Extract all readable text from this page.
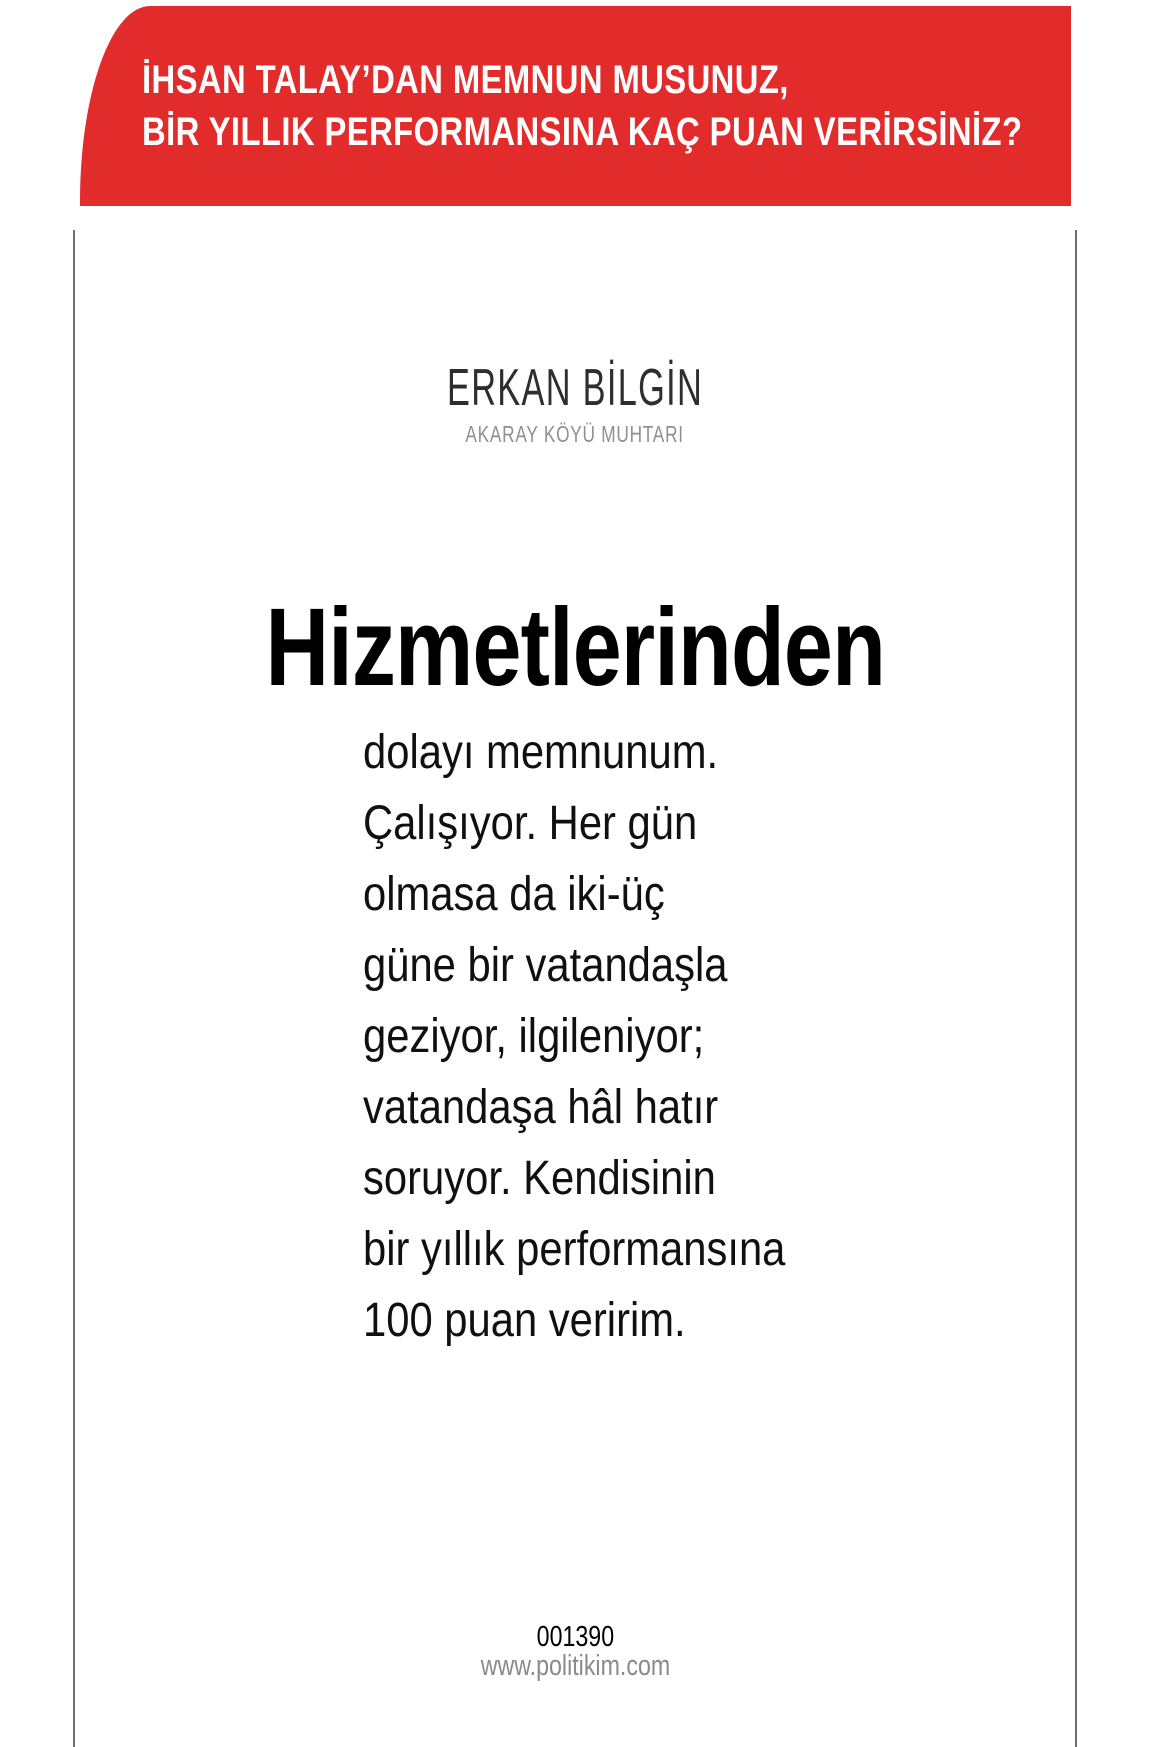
İHSAN TALAY’DAN MEMNUN MUSUNUZ,
BİR YILLIK PERFORMANSINA KAÇ PUAN VERİRSİNİZ?
ERKAN BİLGİN
AKARAY KÖYÜ MUHTARI
Hizmetlerinden
dolayı memnunum.
Çalışıyor. Her gün
olmasa da iki-üç
güne bir vatandaşla
geziyor, ilgileniyor;
vatandaşa hâl hatır
soruyor. Kendisinin
bir yıllık performansına
100 puan veririm.
001390
www.politikim.com
